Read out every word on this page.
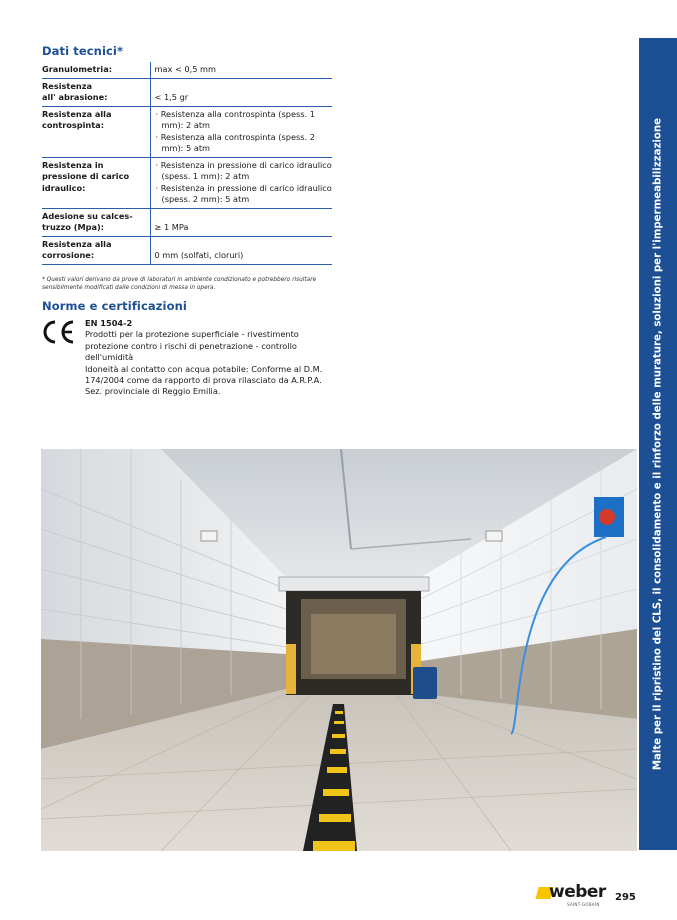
Dati tecnici*
Granulometria:	max < 0,5 mm

Resistenza
all' abrasione:	< 1,5 gr

Resistenza alla
controspinta:	· Resistenza alla controspinta (spess. 1 mm): 2 atm
· Resistenza alla controspinta (spess. 2 mm): 5 atm

Resistenza in
pressione di carico
idraulico:	· Resistenza in pressione di carico idraulico (spess. 1 mm): 2 atm
· Resistenza in pressione di carico idraulico (spess. 2 mm): 5 atm

Adesione su calces-
truzzo (Mpa):	≥ 1 MPa

Resistenza alla
corrosione:	0 mm (solfati, cloruri)
* Questi valori derivano da prove di laboratori in ambiente condizionato e potrebbero risultare sensibilmente modificati dalle condizioni di messa in opera.
Norme e certificazioni
EN 1504-2
Prodotti per la protezione superficiale - rivestimento
protezione contro i rischi di penetrazione - controllo dell'umidità
Idoneità al contatto con acqua potabile: Conforme al D.M. 174/2004 come da rapporto di prova rilasciato da A.R.P.A. Sez. provinciale di Reggio Emilia.	Malte per il ripristino del CLS, il consolidamento e il rinforzo delle murature, soluzioni per l'impermeabilizzazione
weber
SAINT-GOBAIN
295
